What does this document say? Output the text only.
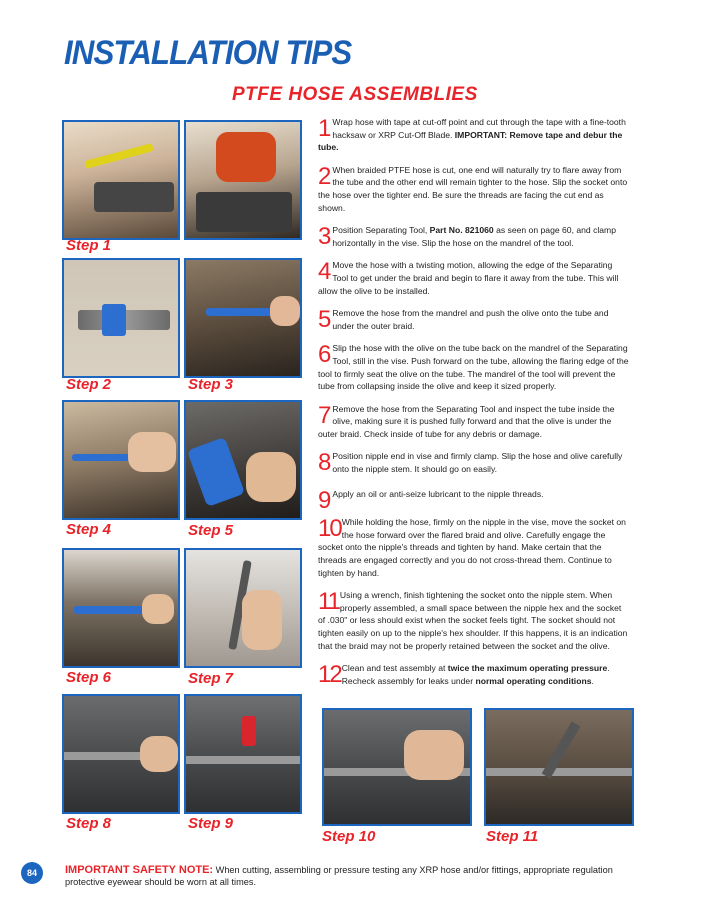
INSTALLATION TIPS
PTFE HOSE ASSEMBLIES

Step 1

Step 2	Step 3

Step 4	Step 5

Step 6	Step 7

Step 8	Step 9

Step 10	Step 11

1 Wrap hose with tape at cut-off point and cut through the tape with a fine-tooth hacksaw or XRP Cut-Off Blade. IMPORTANT: Remove tape and debur the tube.

2 When braided PTFE hose is cut, one end will naturally try to flare away from the tube and the other end will remain tighter to the hose. Slip the socket onto the hose over the tighter end. Be sure the threads are facing the cut end as shown.

3 Position Separating Tool, Part No. 821060 as seen on page 60, and clamp horizontally in the vise. Slip the hose on the mandrel of the tool.

4 Move the hose with a twisting motion, allowing the edge of the Separating Tool to get under the braid and begin to flare it away from the tube. This will allow the olive to be installed.

5 Remove the hose from the mandrel and push the olive onto the tube and under the outer braid.

6 Slip the hose with the olive on the tube back on the mandrel of the Separating Tool, still in the vise. Push forward on the tube, allowing the flaring edge of the tool to firmly seat the olive on the tube. The mandrel of the tool will prevent the tube from collapsing inside the olive and keep it sized properly.

7 Remove the hose from the Separating Tool and inspect the tube inside the olive, making sure it is pushed fully forward and that the olive is under the outer braid. Check inside of tube for any debris or damage.

8 Position nipple end in vise and firmly clamp. Slip the hose and olive carefully onto the nipple stem. It should go on easily.

9 Apply an oil or anti-seize lubricant to the nipple threads.

10 While holding the hose, firmly on the nipple in the vise, move the socket on the hose forward over the flared braid and olive. Carefully engage the socket onto the nipple's threads and tighten by hand. Make certain that the threads are engaged correctly and you do not cross-thread them. Continue to tighten by hand.

11 Using a wrench, finish tightening the socket onto the nipple stem. When properly assembled, a small space between the nipple hex and the socket of .030" or less should exist when the socket feels tight. The socket should not tighten easily on up to the nipple's hex shoulder. If this happens, it is an indication that the braid may not be properly retained between the socket and the olive.

12 Clean and test assembly at twice the maximum operating pressure.
Recheck assembly for leaks under normal operating conditions.

84	IMPORTANT SAFETY NOTE: When cutting, assembling or pressure testing any XRP hose and/or fittings, appropriate regulation protective eyewear should be worn at all times.
